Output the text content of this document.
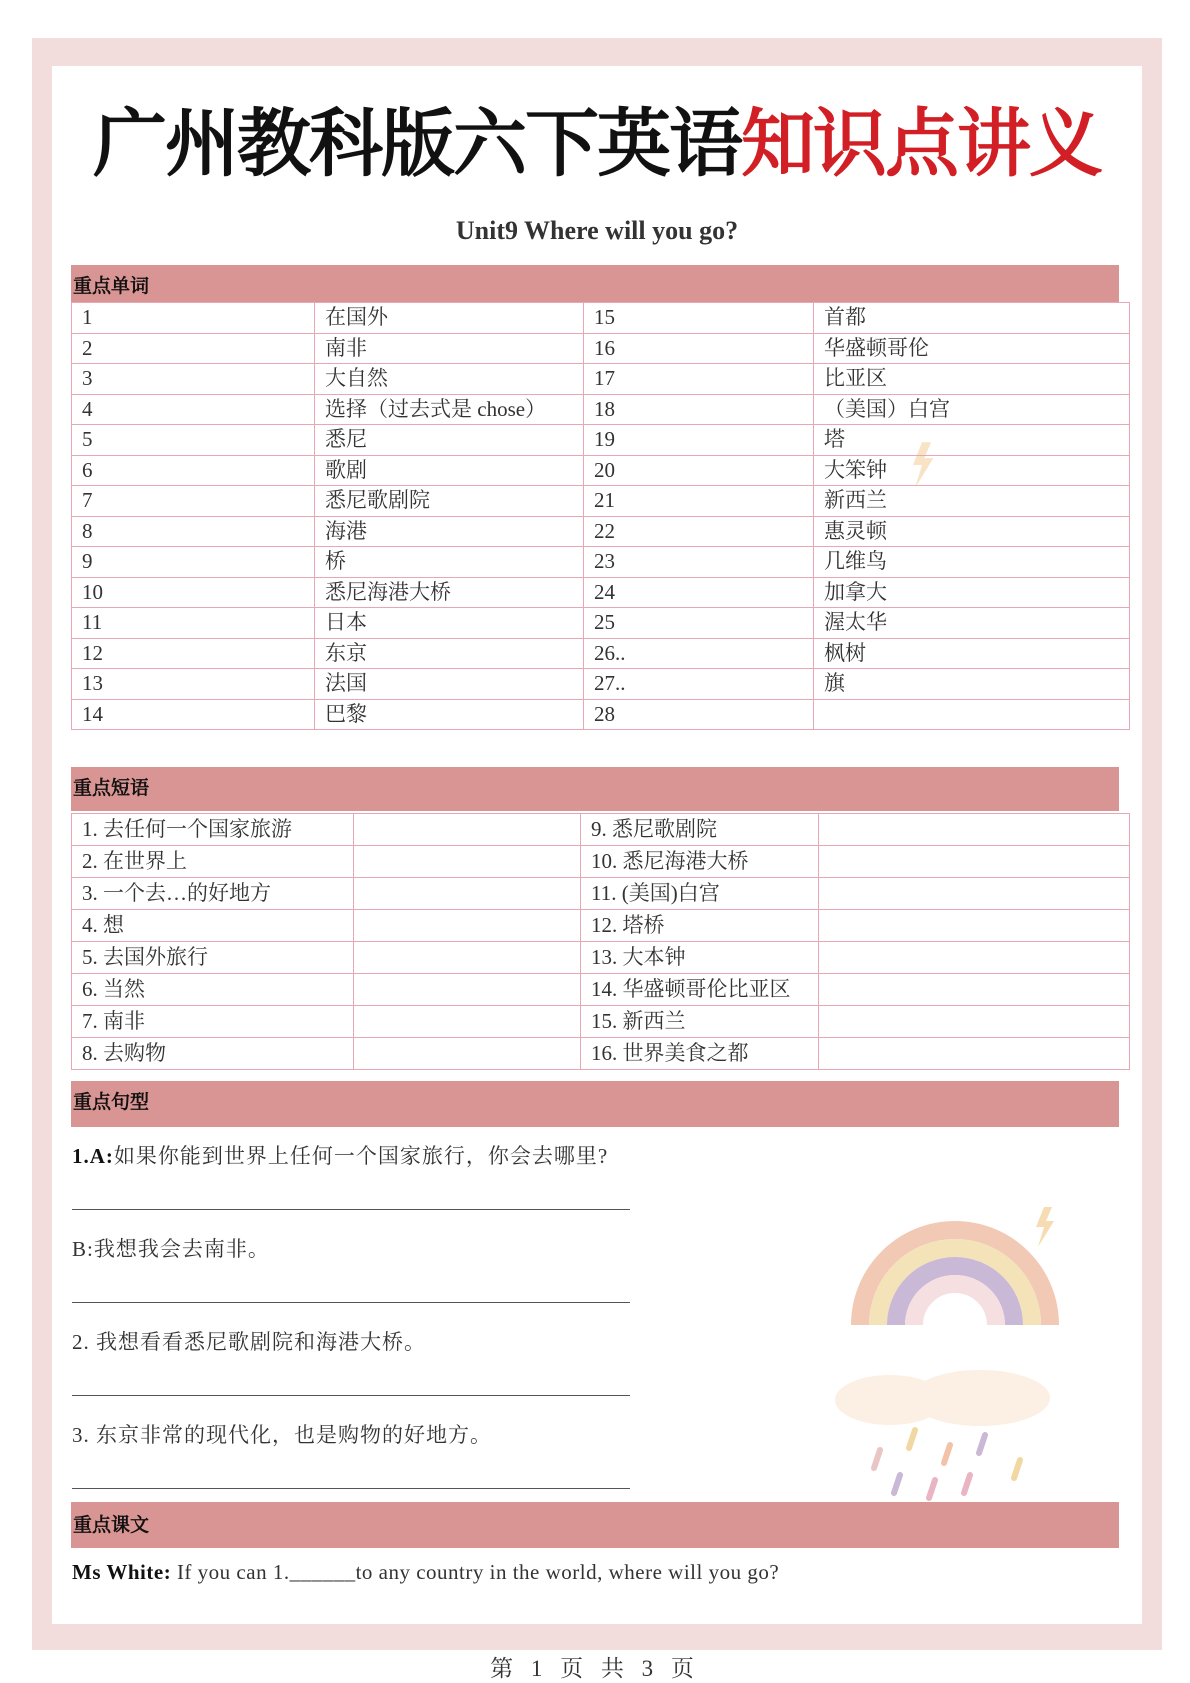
广州教科版六下英语知识点讲义
Unit9 Where will you go?
重点单词
1	在国外	15	首都
2	南非	16	华盛顿哥伦
3	大自然	17	比亚区
4	选择（过去式是 chose）	18	（美国）白宫
5	悉尼	19	塔
6	歌剧	20	大笨钟
7	悉尼歌剧院	21	新西兰
8	海港	22	惠灵顿
9	桥	23	几维鸟
10	悉尼海港大桥	24	加拿大
11	日本	25	渥太华
12	东京	26..	枫树
13	法国	27..	旗
14	巴黎	28	
重点短语
1. 去任何一个国家旅游		9. 悉尼歌剧院	
2. 在世界上		10. 悉尼海港大桥	
3. 一个去…的好地方		11. (美国)白宫	
4. 想		12. 塔桥	
5. 去国外旅行		13. 大本钟	
6. 当然		14. 华盛顿哥伦比亚区	
7. 南非		15. 新西兰	
8. 去购物		16. 世界美食之都	
重点句型
1.A:如果你能到世界上任何一个国家旅行，你会去哪里?
B:我想我会去南非。
2. 我想看看悉尼歌剧院和海港大桥。
3. 东京非常的现代化，也是购物的好地方。
重点课文
Ms White: If you can 1.______to any country in the world, where will you go?
第 1 页 共 3 页
